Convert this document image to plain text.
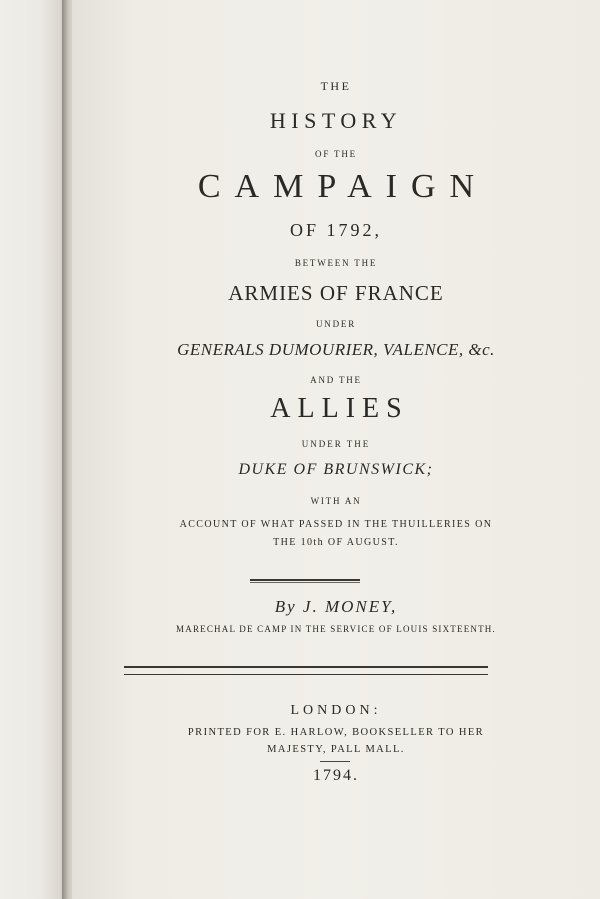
THE
HISTORY
OF THE
CAMPAIGN
OF 1792,
BETWEEN THE
ARMIES OF FRANCE
UNDER
GENERALS DUMOURIER, VALENCE, &c.
AND THE
ALLIES
UNDER THE
DUKE OF BRUNSWICK;
WITH AN
ACCOUNT OF WHAT PASSED IN THE THUILLERIES ON
THE 10th OF AUGUST.
By J. MONEY,
MARECHAL DE CAMP IN THE SERVICE OF LOUIS SIXTEENTH.
LONDON:
PRINTED FOR E. HARLOW, BOOKSELLER TO HER
MAJESTY, PALL MALL.
1794.
